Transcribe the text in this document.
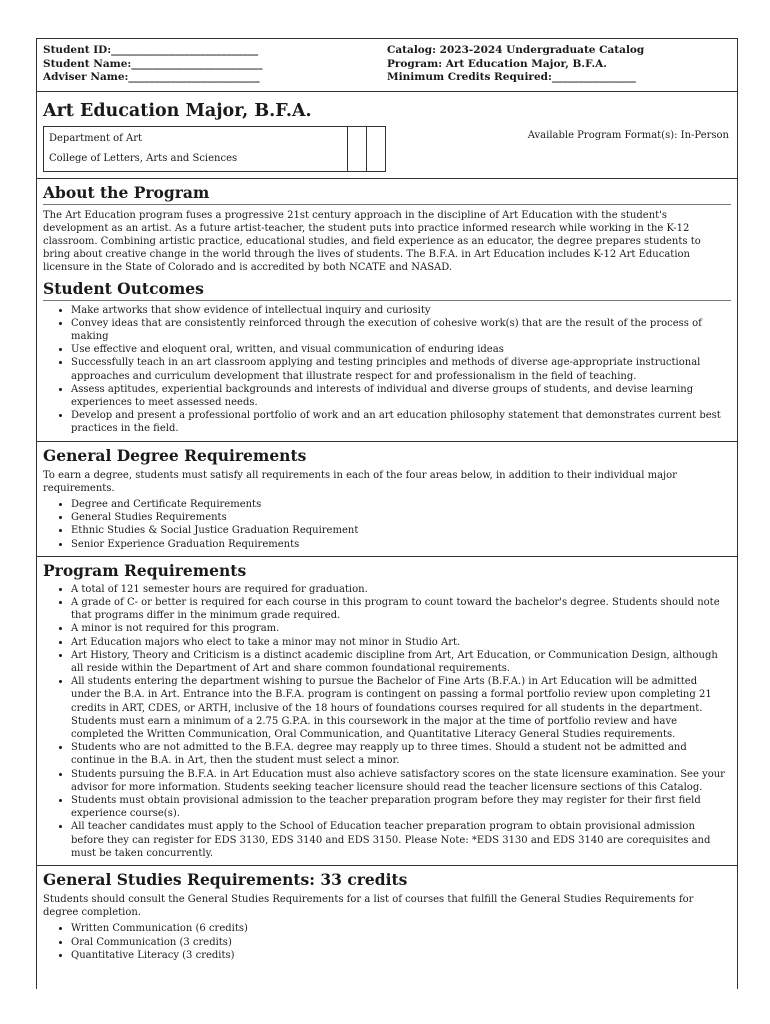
Student ID:____________________________
Student Name:_________________________
Adviser Name:_________________________
Catalog: 2023-2024 Undergraduate Catalog
Program: Art Education Major, B.F.A.
Minimum Credits Required:________________
Art Education Major, B.F.A.
Department of Art
College of Letters, Arts and Sciences
Available Program Format(s): In-Person
About the Program

The Art Education program fuses a progressive 21st century approach in the discipline of Art Education with the student's development as an artist. As a future artist-teacher, the student puts into practice informed research while working in the K-12 classroom. Combining artistic practice, educational studies, and field experience as an educator, the degree prepares students to bring about creative change in the world through the lives of students. The B.F.A. in Art Education includes K-12 Art Education licensure in the State of Colorado and is accredited by both NCATE and NASAD.

Student Outcomes
• Make artworks that show evidence of intellectual inquiry and curiosity
• Convey ideas that are consistently reinforced through the execution of cohesive work(s) that are the result of the process of making
• Use effective and eloquent oral, written, and visual communication of enduring ideas
• Successfully teach in an art classroom applying and testing principles and methods of diverse age-appropriate instructional approaches and curriculum development that illustrate respect for and professionalism in the field of teaching.
• Assess aptitudes, experiential backgrounds and interests of individual and diverse groups of students, and devise learning experiences to meet assessed needs.
• Develop and present a professional portfolio of work and an art education philosophy statement that demonstrates current best practices in the field.
General Degree Requirements

To earn a degree, students must satisfy all requirements in each of the four areas below, in addition to their individual major requirements.

• Degree and Certificate Requirements
• General Studies Requirements
• Ethnic Studies & Social Justice Graduation Requirement
• Senior Experience Graduation Requirements
Program Requirements
• A total of 121 semester hours are required for graduation.
• A grade of C- or better is required for each course in this program to count toward the bachelor's degree. Students should note that programs differ in the minimum grade required.
• A minor is not required for this program.
• Art Education majors who elect to take a minor may not minor in Studio Art.
• Art History, Theory and Criticism is a distinct academic discipline from Art, Art Education, or Communication Design, although all reside within the Department of Art and share common foundational requirements.
• All students entering the department wishing to pursue the Bachelor of Fine Arts (B.F.A.) in Art Education will be admitted under the B.A. in Art. Entrance into the B.F.A. program is contingent on passing a formal portfolio review upon completing 21 credits in ART, CDES, or ARTH, inclusive of the 18 hours of foundations courses required for all students in the department. Students must earn a minimum of a 2.75 G.P.A. in this coursework in the major at the time of portfolio review and have completed the Written Communication, Oral Communication, and Quantitative Literacy General Studies requirements.
• Students who are not admitted to the B.F.A. degree may reapply up to three times. Should a student not be admitted and continue in the B.A. in Art, then the student must select a minor.
• Students pursuing the B.F.A. in Art Education must also achieve satisfactory scores on the state licensure examination. See your advisor for more information. Students seeking teacher licensure should read the teacher licensure sections of this Catalog.
• Students must obtain provisional admission to the teacher preparation program before they may register for their first field experience course(s).
• All teacher candidates must apply to the School of Education teacher preparation program to obtain provisional admission before they can register for EDS 3130, EDS 3140 and EDS 3150. Please Note: *EDS 3130 and EDS 3140 are corequisites and must be taken concurrently.
General Studies Requirements: 33 credits

Students should consult the General Studies Requirements for a list of courses that fulfill the General Studies Requirements for degree completion.

• Written Communication (6 credits)
• Oral Communication (3 credits)
• Quantitative Literacy (3 credits)
